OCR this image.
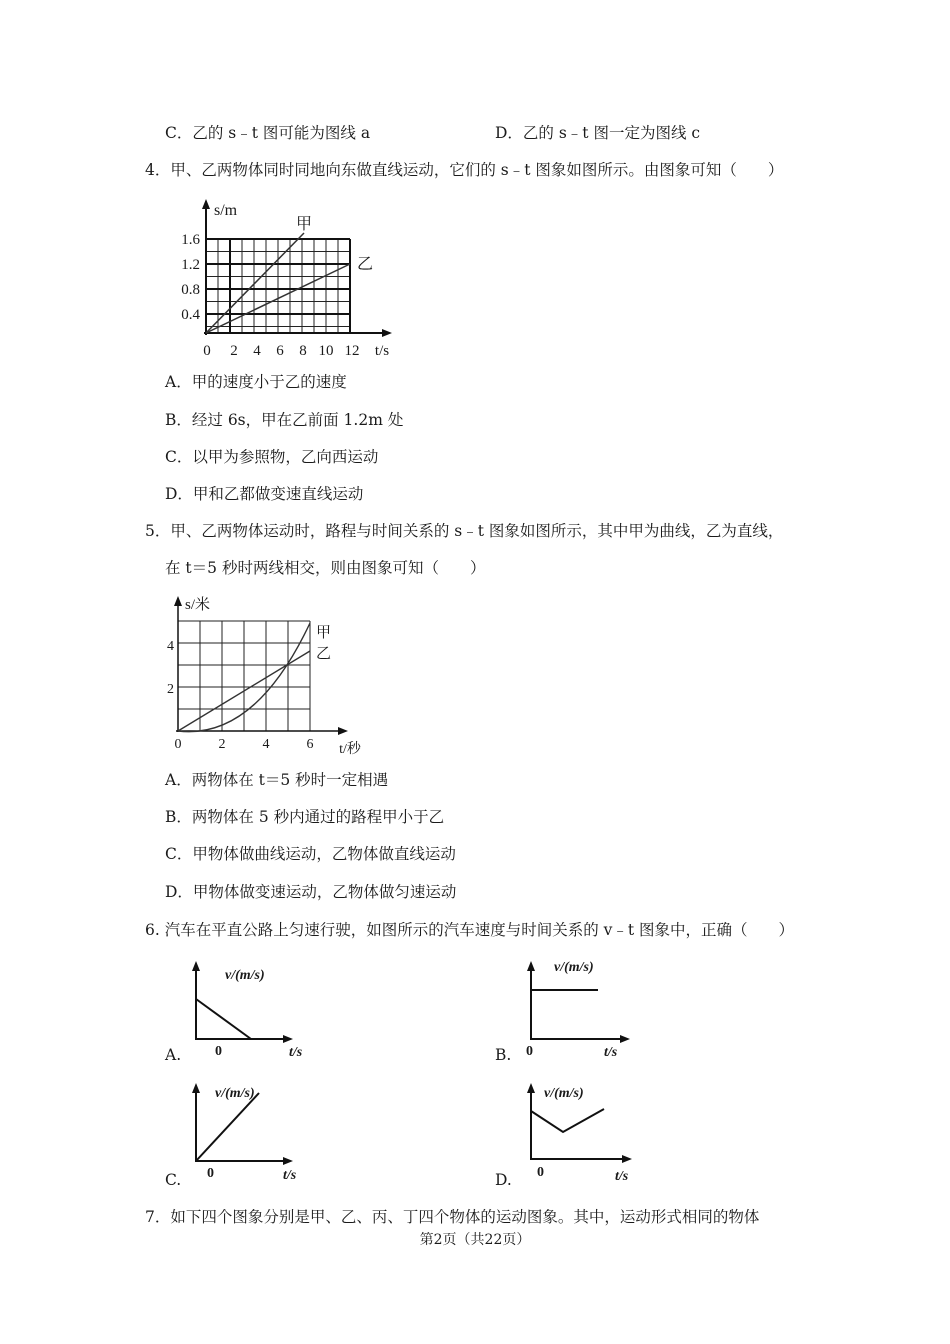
C．乙的 s﹣t 图可能为图线 a	D．乙的 s﹣t 图一定为图线 c
4．甲、乙两物体同时同地向东做直线运动，它们的 s﹣t 图象如图所示。由图象可知（　　）
s/m
甲
乙
1.6
1.2
0.8
0.4
0 2 4 6 8 10 12 t/s
A．甲的速度小于乙的速度
B．经过 6s，甲在乙前面 1.2m 处
C．以甲为参照物，乙向西运动
D．甲和乙都做变速直线运动
5．甲、乙两物体运动时，路程与时间关系的 s﹣t 图象如图所示，其中甲为曲线，乙为直线，
在 t＝5 秒时两线相交，则由图象可知（　　）
s/米
甲
乙
4
2
0	2	4	6 t/秒
A．两物体在 t＝5 秒时一定相遇
B．两物体在 5 秒内通过的路程甲小于乙
C．甲物体做曲线运动，乙物体做直线运动
D．甲物体做变速运动，乙物体做匀速运动
6. 汽车在平直公路上匀速行驶，如图所示的汽车速度与时间关系的 v﹣t 图象中，正确（　　）
A.
v/(m/s)
0	t/s	B.
v/(m/s)
0	t/s
C.
v/(m/s)
0	t/s	D.
v/(m/s)
0	t/s
7．如下四个图象分别是甲、乙、丙、丁四个物体的运动图象。其中，运动形式相同的物体
第2页（共22页）
